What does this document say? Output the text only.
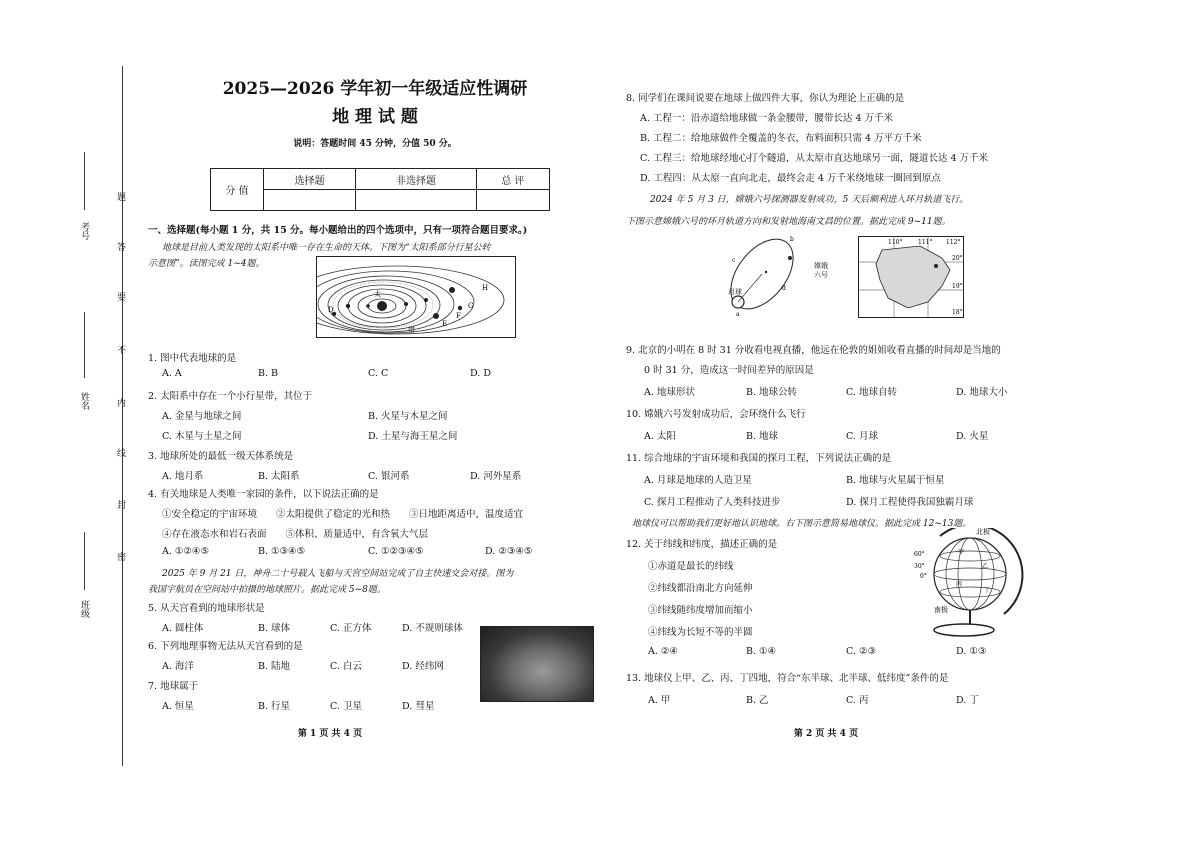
考号
姓名
班级
题
答
要
不
内
线
封
密
2025—2026 学年初一年级适应性调研
地 理 试 题
说明：答题时间 45 分钟，分值 50 分。
分 值	选择题	非选择题	总 评

一、选择题(每小题 1 分，共 15 分。每小题给出的四个选项中，只有一项符合题目要求。)
地球是目前人类发现的太阳系中唯一存在生命的天体。下图为“太阳系部分行星公转
示意图”。读图完成 1~4题。
太
带
D
H
G
F
E
1. 图中代表地球的是
A. A	B. B	C. C	D. D
2. 太阳系中存在一个小行星带，其位于
A. 金星与地球之间	B. 火星与木星之间
C. 木星与土星之间	D. 土星与海王星之间
3. 地球所处的最低一级天体系统是
A. 地月系	B. 太阳系	C. 银河系	D. 河外星系
4. 有关地球是人类唯一家园的条件，以下说法正确的是
①安全稳定的宇宙环境　　②太阳提供了稳定的光和热　　③日地距离适中，温度适宜
④存在液态水和岩石表面　　⑤体积、质量适中，有含氧大气层
A. ①②④⑤	B. ①③④⑤	C. ①②③④⑤	D. ②③④⑤
2025 年 9 月 21 日，神舟二十号载人飞船与天宫空间站完成了自主快速交会对接。图为
我国宇航员在空间站中拍摄的地球照片。据此完成 5~8题。
5. 从天宫看到的地球形状是
A. 圆柱体	B. 球体	C. 正方体	D. 不规则球体
6. 下列地理事物无法从天宫看到的是
A. 海洋	B. 陆地	C. 白云	D. 经纬网
7. 地球属于
A. 恒星	B. 行星	C. 卫星	D. 彗星
第 1 页 共 4 页
8. 同学们在课间说要在地球上做四件大事，你认为理论上正确的是
A. 工程一：沿赤道给地球做一条金腰带，腰带长达 4 万千米
B. 工程二：给地球做件全覆盖的冬衣，布料面积只需 4 万平方千米
C. 工程三：给地球经地心打个隧道，从太原市直达地球另一面，隧道长达 4 万千米
D. 工程四：从太原一直向北走，最终会走 4 万千米绕地球一圈回到原点
2024 年 5 月 3 日，嫦娥六号探测器发射成功，5 天后顺利进入环月轨道飞行。
下图示意嫦娥六号的环月轨道方向和发射地海南文昌的位置。据此完成 9~11题。
月球
a
b
c
d
嫦娥
六号
110°	111° 112°
20°
19°
18°
9. 北京的小明在 8 时 31 分收看电视直播，他远在伦敦的姐姐收看直播的时间却是当地的
0 时 31 分，造成这一时间差异的原因是
A. 地球形状	B. 地球公转	C. 地球自转	D. 地球大小
10. 嫦娥六号发射成功后，会环绕什么飞行
A. 太阳	B. 地球	C. 月球	D. 火星
11. 综合地球的宇宙环境和我国的探月工程，下列说法正确的是
A. 月球是地球的人造卫星	B. 地球与火星属于恒星
C. 探月工程推动了人类科技进步	D. 探月工程使得我国独霸月球
地球仪可以帮助我们更好地认识地球。右下图示意简易地球仪。据此完成 12~13题。
12. 关于纬线和纬度，描述正确的是
①赤道是最长的纬线
②纬线都沿南北方向延伸
③纬线随纬度增加而缩小
④纬线为长短不等的半圆
A. ②④	B. ①④	C. ②③	D. ①③
北极
南极
60°
30°
0°
甲
乙
丙
丁
13. 地球仪上甲、乙、丙、丁四地，符合“东半球、北半球、低纬度”条件的是
A. 甲	B. 乙	C. 丙	D. 丁
第 2 页 共 4 页
